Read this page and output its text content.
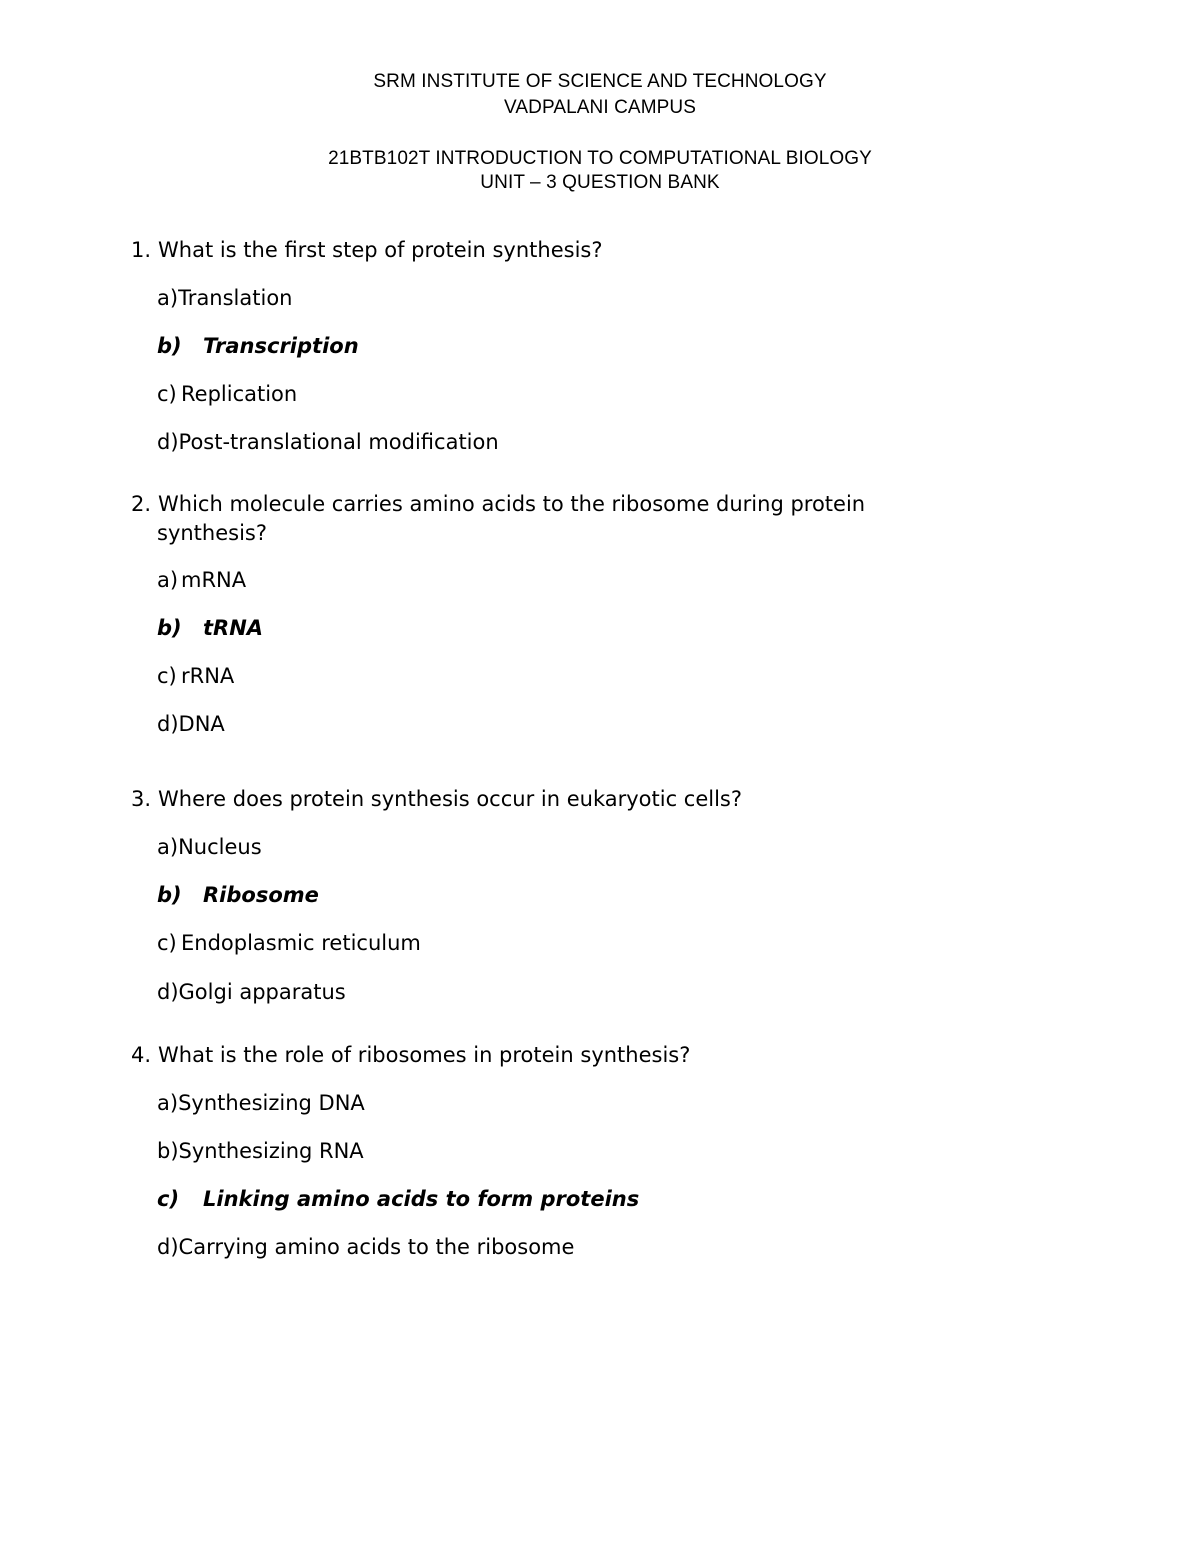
SRM INSTITUTE OF SCIENCE AND TECHNOLOGY
VADPALANI CAMPUS
21BTB102T INTRODUCTION TO COMPUTATIONAL BIOLOGY
UNIT – 3 QUESTION BANK
1. What is the first step of protein synthesis?
a)Translation
b) Transcription
c) Replication
d)Post-translational modification
2. Which molecule carries amino acids to the ribosome during protein
synthesis?
a) mRNA
b) tRNA
c) rRNA
d)DNA
3. Where does protein synthesis occur in eukaryotic cells?
a)Nucleus
b) Ribosome
c) Endoplasmic reticulum
d)Golgi apparatus
4. What is the role of ribosomes in protein synthesis?
a)Synthesizing DNA
b)Synthesizing RNA
c) Linking amino acids to form proteins
d)Carrying amino acids to the ribosome
